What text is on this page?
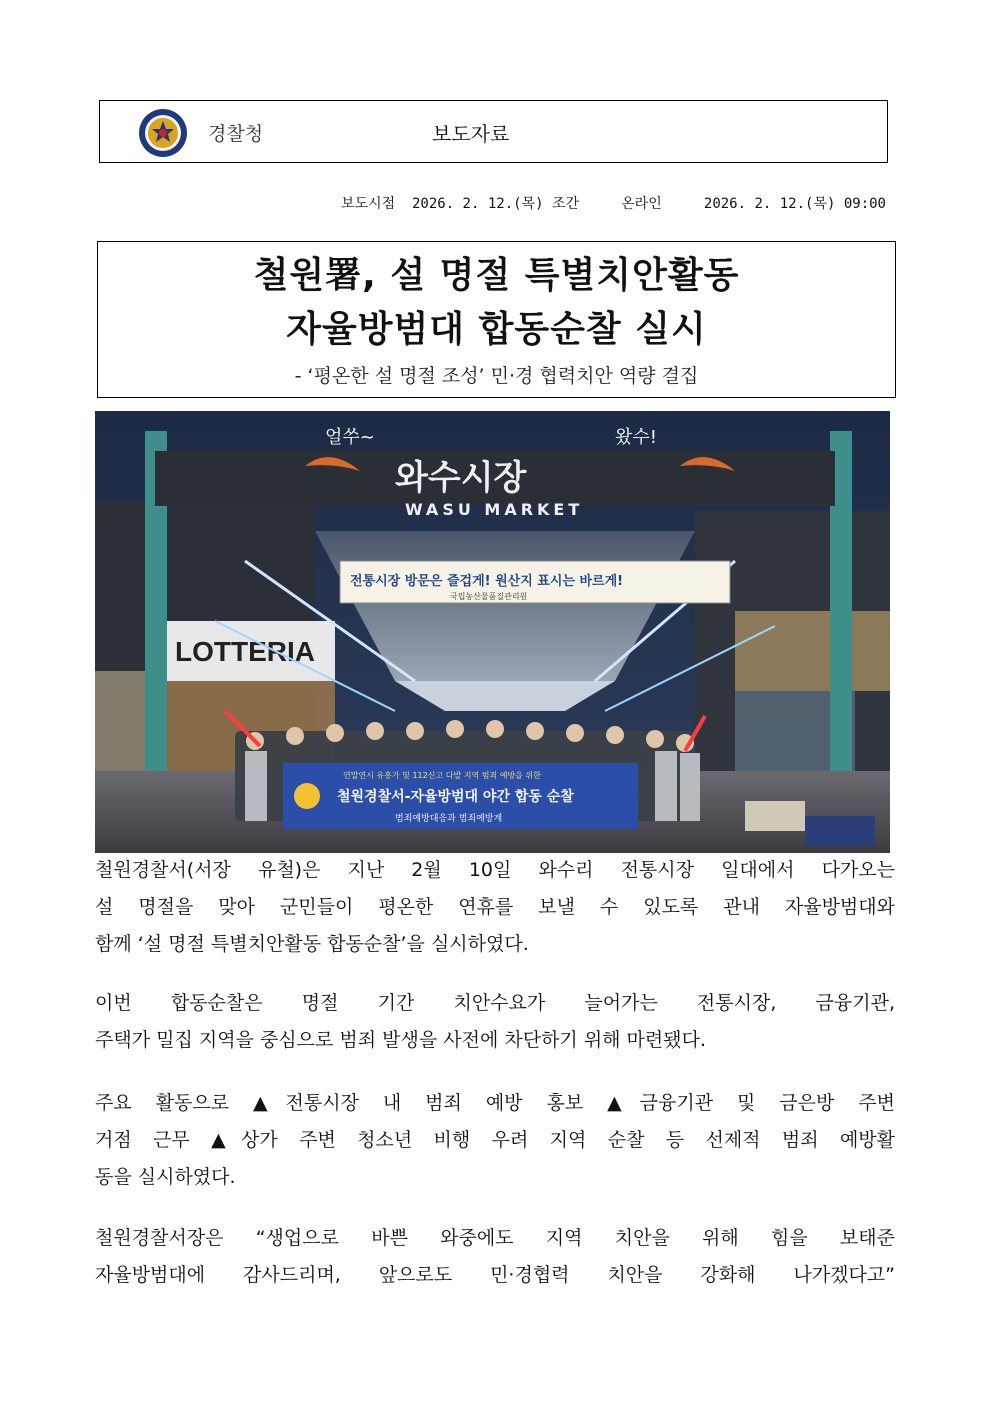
경찰청	보도자료
보도시점 2026. 2. 12.(목) 조간	온라인	2026. 2. 12.(목) 09:00
철원署, 설 명절 특별치안활동
자율방범대 합동순찰 실시
- ‘평온한 설 명절 조성’ 민·경 협력치안 역량 결집
LOTTERIA
와수시장
WASU MARKET
얼쑤~	왔수!
전통시장 방문은 즐겁게! 원산지 표시는 바르게!
국립농산물품질관리원
연말연시 유흥가 및 112신고 다발 지역 범죄 예방을 위한
철원경찰서-자율방범대 야간 합동 순찰
범죄예방대응과 범죄예방계
철원경찰서(서장 유철)은 지난 2월 10일 와수리 전통시장 일대에서 다가오는
설 명절을 맞아 군민들이 평온한 연휴를 보낼 수 있도록 관내 자율방범대와
함께 ‘설 명절 특별치안활동 합동순찰’을 실시하였다.
이번 합동순찰은 명절 기간 치안수요가 늘어가는 전통시장, 금융기관,
주택가 밀집 지역을 중심으로 범죄 발생을 사전에 차단하기 위해 마련됐다.
주요 활동으로 ▲전통시장 내 범죄 예방 홍보 ▲금융기관 및 금은방 주변
거점 근무 ▲상가 주변 청소년 비행 우려 지역 순찰 등 선제적 범죄 예방활
동을 실시하였다.
철원경찰서장은 “생업으로 바쁜 와중에도 지역 치안을 위해 힘을 보태준
자율방범대에 감사드리며, 앞으로도 민·경협력 치안을 강화해 나가겠다고”
